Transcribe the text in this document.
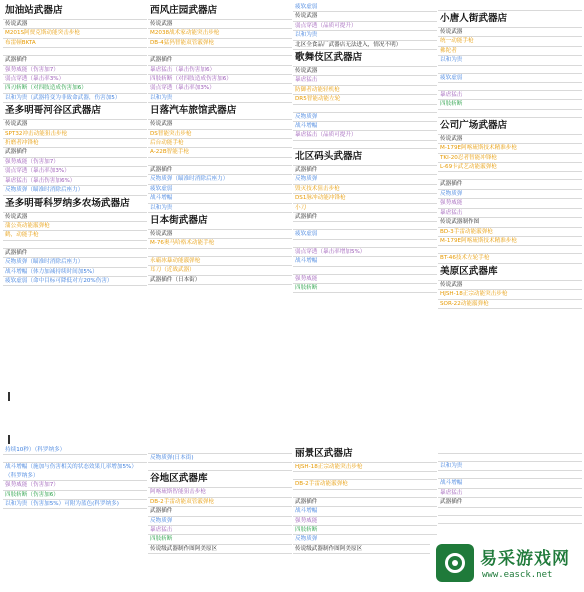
加油站武器店
传说武器
M201S阿贾克斯动能突击步枪
布雷顿BKTA
武器插件
强势威能（伤害加7）
弱点穿透（暴击率3%）
四刃斩断（对四肢造成伤害加6）
以和为贵（武器将变为非致命武器，伤害加5）
圣多明哥河谷区武器店
传说武器
SPT32冲击动能狙击步枪
折磨者冲锋枪
武器插件
强势威能（伤害加7）
弱点穿透（暴击率加3%）
暴虐猛击（暴击伤害加6%）
反物质弹（瞄准时消除后座力）
圣多明哥科罗纳多农场武器店
传说武器
蒲公英动能霰弹枪
鹤，动能手枪
武器插件
反物质弹（瞄准时消除后座力）
战斗增幅（体力加减持续时间加5%）
疲软虚弱（命中目标可降低对方20%伤害）
西风庄园武器店
传说武器
M2038战术家动能突击步枪
DB-4猛犸智能双管霰弹枪
武器插件
暴虐猛击（暴击伤害加6）
四肢斩断（对四肢造成伤害加6）
弱点穿透（暴击率加3%）
以和为贵
日落汽车旅馆武器店
传说武器
DS智能突击步枪
后台动能手枪
A-22B智能手枪
武器插件
反物质弹（瞄准时消除后座力）
疲软虚弱
战斗增幅
以和为贵
日本街武器店
传说武器
M-76奥马哈格术动能手枪
永霸冰暴动能霰弹枪
耳刀（近战武器）
武器插件（日本街）
疲软虚弱
传说武器
弱点穿透（品质可提升）
以和为贵
北区全食品厂武器店无法进入，情况不明）
歌舞伎区武器店
传说武器
暴虐猛击
防御者动能轻机枪
DR5智能动能左轮
反物质弹
战斗增幅
暴虐猛击（品质可提升）
北区码头武器店
武器插件
反物质弹
毁灭技术狙击步枪
DS1脉冲动能冲锋枪
小刀
武器插件
疲软虚弱
弱点穿透（暴击率增加5%）
战斗增幅
强势威能
四肢斩断
小唐人街武器店
传说武器
统一动能手枪
佛陀者
以和为贵
疲软虚弱
暴虐猛击
四肢斩断
公司广场武器店
传说武器
M-179E阿喀琉斯技术精准步枪
TKI-20忍者智能冲锋枪
L-69卡武艺动能霰弹枪
武器插件
反物质弹
强势威能
暴虐猛击
传说武器制作图
BD-3手雷动能霰弹枪
M-179E阿喀琉斯技术精准步枪
BT-46技术左轮手枪
美原区武器库
传说武器
HJSH-18正宗动能突击步枪
SOR-22动能霰弹枪
持续10秒）（科罗纳多）
战斗增幅（施加与伤害相关的状态效果几率增加5%）（科罗纳多）
强势威能（伤害加7）
四肢斩断（伤害加6）
以和为贵（伤害加5%）可附为蓝色(科罗纳多)
反物质弹(日本街)
谷地区武器库
阿喀琉斯智能狙击步枪
DB-2手雷动能双管霰弹枪
武器插件
反物质弹
暴虐猛击
四肢斩断
传说级武器制作图阿美原区
丽景区武器店
HJSH-18正宗动能突击步枪
DB-2手雷动能霰弹枪
武器插件
战斗增幅
强势威能
四肢斩断
反物质弹
传说级武器制作图阿美原区
以和为贵
战斗增幅
暴虐猛击
武器插件
易采游戏网
www.easck.net
